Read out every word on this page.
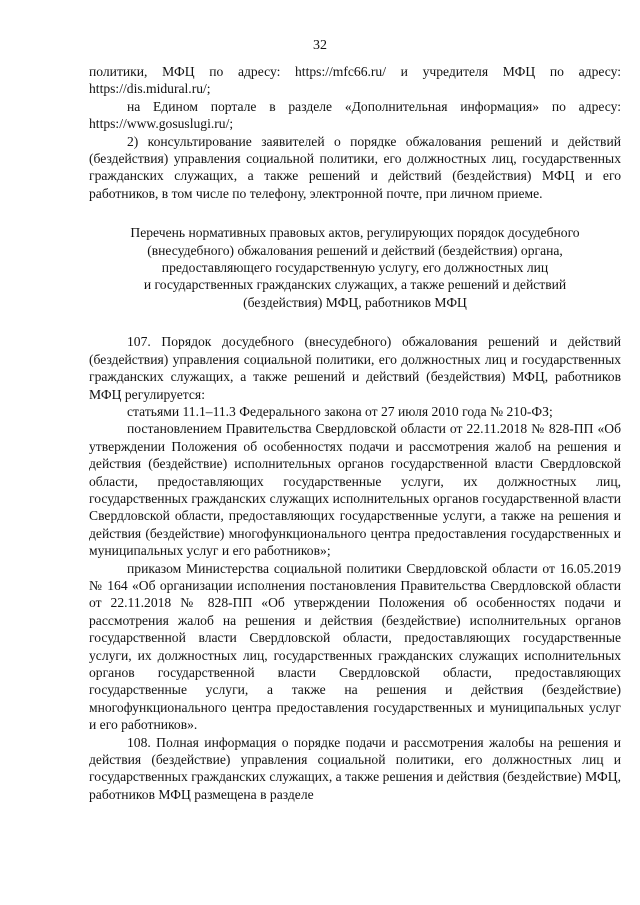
32

политики, МФЦ по адресу: https://mfc66.ru/ и учредителя МФЦ по адресу: https://dis.midural.ru/;

на Едином портале в разделе «Дополнительная информация» по адресу: https://www.gosuslugi.ru/;

2) консультирование заявителей о порядке обжалования решений и действий (бездействия) управления социальной политики, его должностных лиц, государственных гражданских служащих, а также решений и действий (бездействия) МФЦ и его работников, в том числе по телефону, электронной почте, при личном приеме.

Перечень нормативных правовых актов, регулирующих порядок досудебного
(внесудебного) обжалования решений и действий (бездействия) органа,
предоставляющего государственную услугу, его должностных лиц
и государственных гражданских служащих, а также решений и действий
(бездействия) МФЦ, работников МФЦ

107. Порядок досудебного (внесудебного) обжалования решений и действий (бездействия) управления социальной политики, его должностных лиц и государственных гражданских служащих, а также решений и действий (бездействия) МФЦ, работников МФЦ регулируется:

статьями 11.1–11.3 Федерального закона от 27 июля 2010 года № 210-ФЗ;

постановлением Правительства Свердловской области от 22.11.2018 № 828-ПП «Об утверждении Положения об особенностях подачи и рассмотрения жалоб на решения и действия (бездействие) исполнительных органов государственной власти Свердловской области, предоставляющих государственные услуги, их должностных лиц, государственных гражданских служащих исполнительных органов государственной власти Свердловской области, предоставляющих государственные услуги, а также на решения и действия (бездействие) многофункционального центра предоставления государственных и муниципальных услуг и его работников»;

приказом Министерства социальной политики Свердловской области от 16.05.2019 № 164 «Об организации исполнения постановления Правительства Свердловской области от 22.11.2018 № 828-ПП «Об утверждении Положения об особенностях подачи и рассмотрения жалоб на решения и действия (бездействие) исполнительных органов государственной власти Свердловской области, предоставляющих государственные услуги, их должностных лиц, государственных гражданских служащих исполнительных органов государственной власти Свердловской области, предоставляющих государственные услуги, а также на решения и действия (бездействие) многофункционального центра предоставления государственных и муниципальных услуг и его работников».

108. Полная информация о порядке подачи и рассмотрения жалобы на решения и действия (бездействие) управления социальной политики, его должностных лиц и государственных гражданских служащих, а также решения и действия (бездействие) МФЦ, работников МФЦ размещена в разделе
